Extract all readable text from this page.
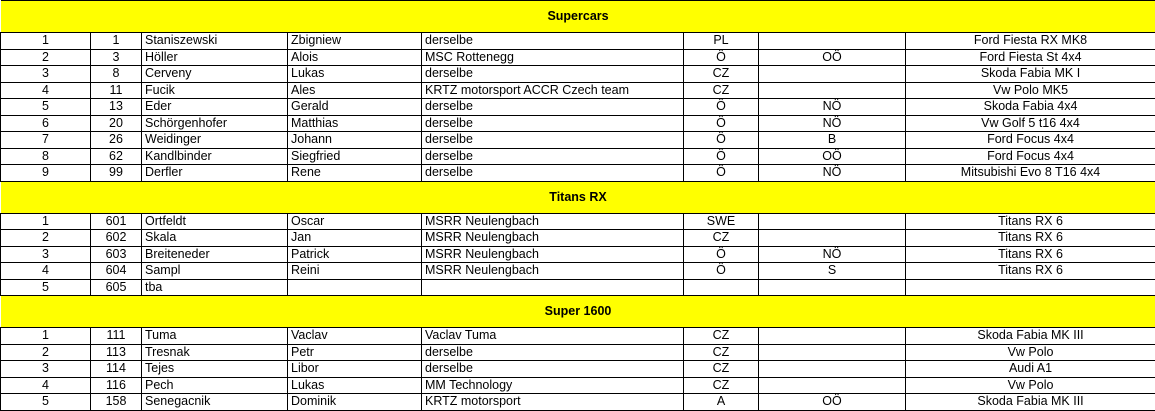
Supercars							
1	1	Staniszewski	Zbigniew	derselbe	PL		Ford Fiesta RX MK8
2	3	Höller	Alois	MSC Rottenegg	Ö	OÖ	Ford Fiesta St 4x4
3	8	Cerveny	Lukas	derselbe	CZ		Skoda Fabia MK I
4	11	Fucik	Ales	KRTZ motorsport ACCR Czech team	CZ		Vw Polo MK5
5	13	Eder	Gerald	derselbe	Ö	NÖ	Skoda Fabia 4x4
6	20	Schörgenhofer	Matthias	derselbe	Ö	NÖ	Vw Golf 5 t16 4x4
7	26	Weidinger	Johann	derselbe	Ö	B	Ford Focus 4x4
8	62	Kandlbinder	Siegfried	derselbe	Ö	OÖ	Ford Focus 4x4
9	99	Derfler	Rene	derselbe	Ö	NÖ	Mitsubishi Evo 8 T16 4x4
Titans RX							
1	601	Ortfeldt	Oscar	MSRR Neulengbach	SWE		Titans RX 6
2	602	Skala	Jan	MSRR Neulengbach	CZ		Titans RX 6
3	603	Breiteneder	Patrick	MSRR Neulengbach	Ö	NÖ	Titans RX 6
4	604	Sampl	Reini	MSRR Neulengbach	Ö	S	Titans RX 6
5	605	tba					
Super 1600							
1	111	Tuma	Vaclav	Vaclav Tuma	CZ		Skoda Fabia MK III
2	113	Tresnak	Petr	derselbe	CZ		Vw Polo
3	114	Tejes	Libor	derselbe	CZ		Audi A1
4	116	Pech	Lukas	MM Technology	CZ		Vw Polo
5	158	Senegacnik	Dominik	KRTZ motorsport	A	OÖ	Skoda Fabia MK III
